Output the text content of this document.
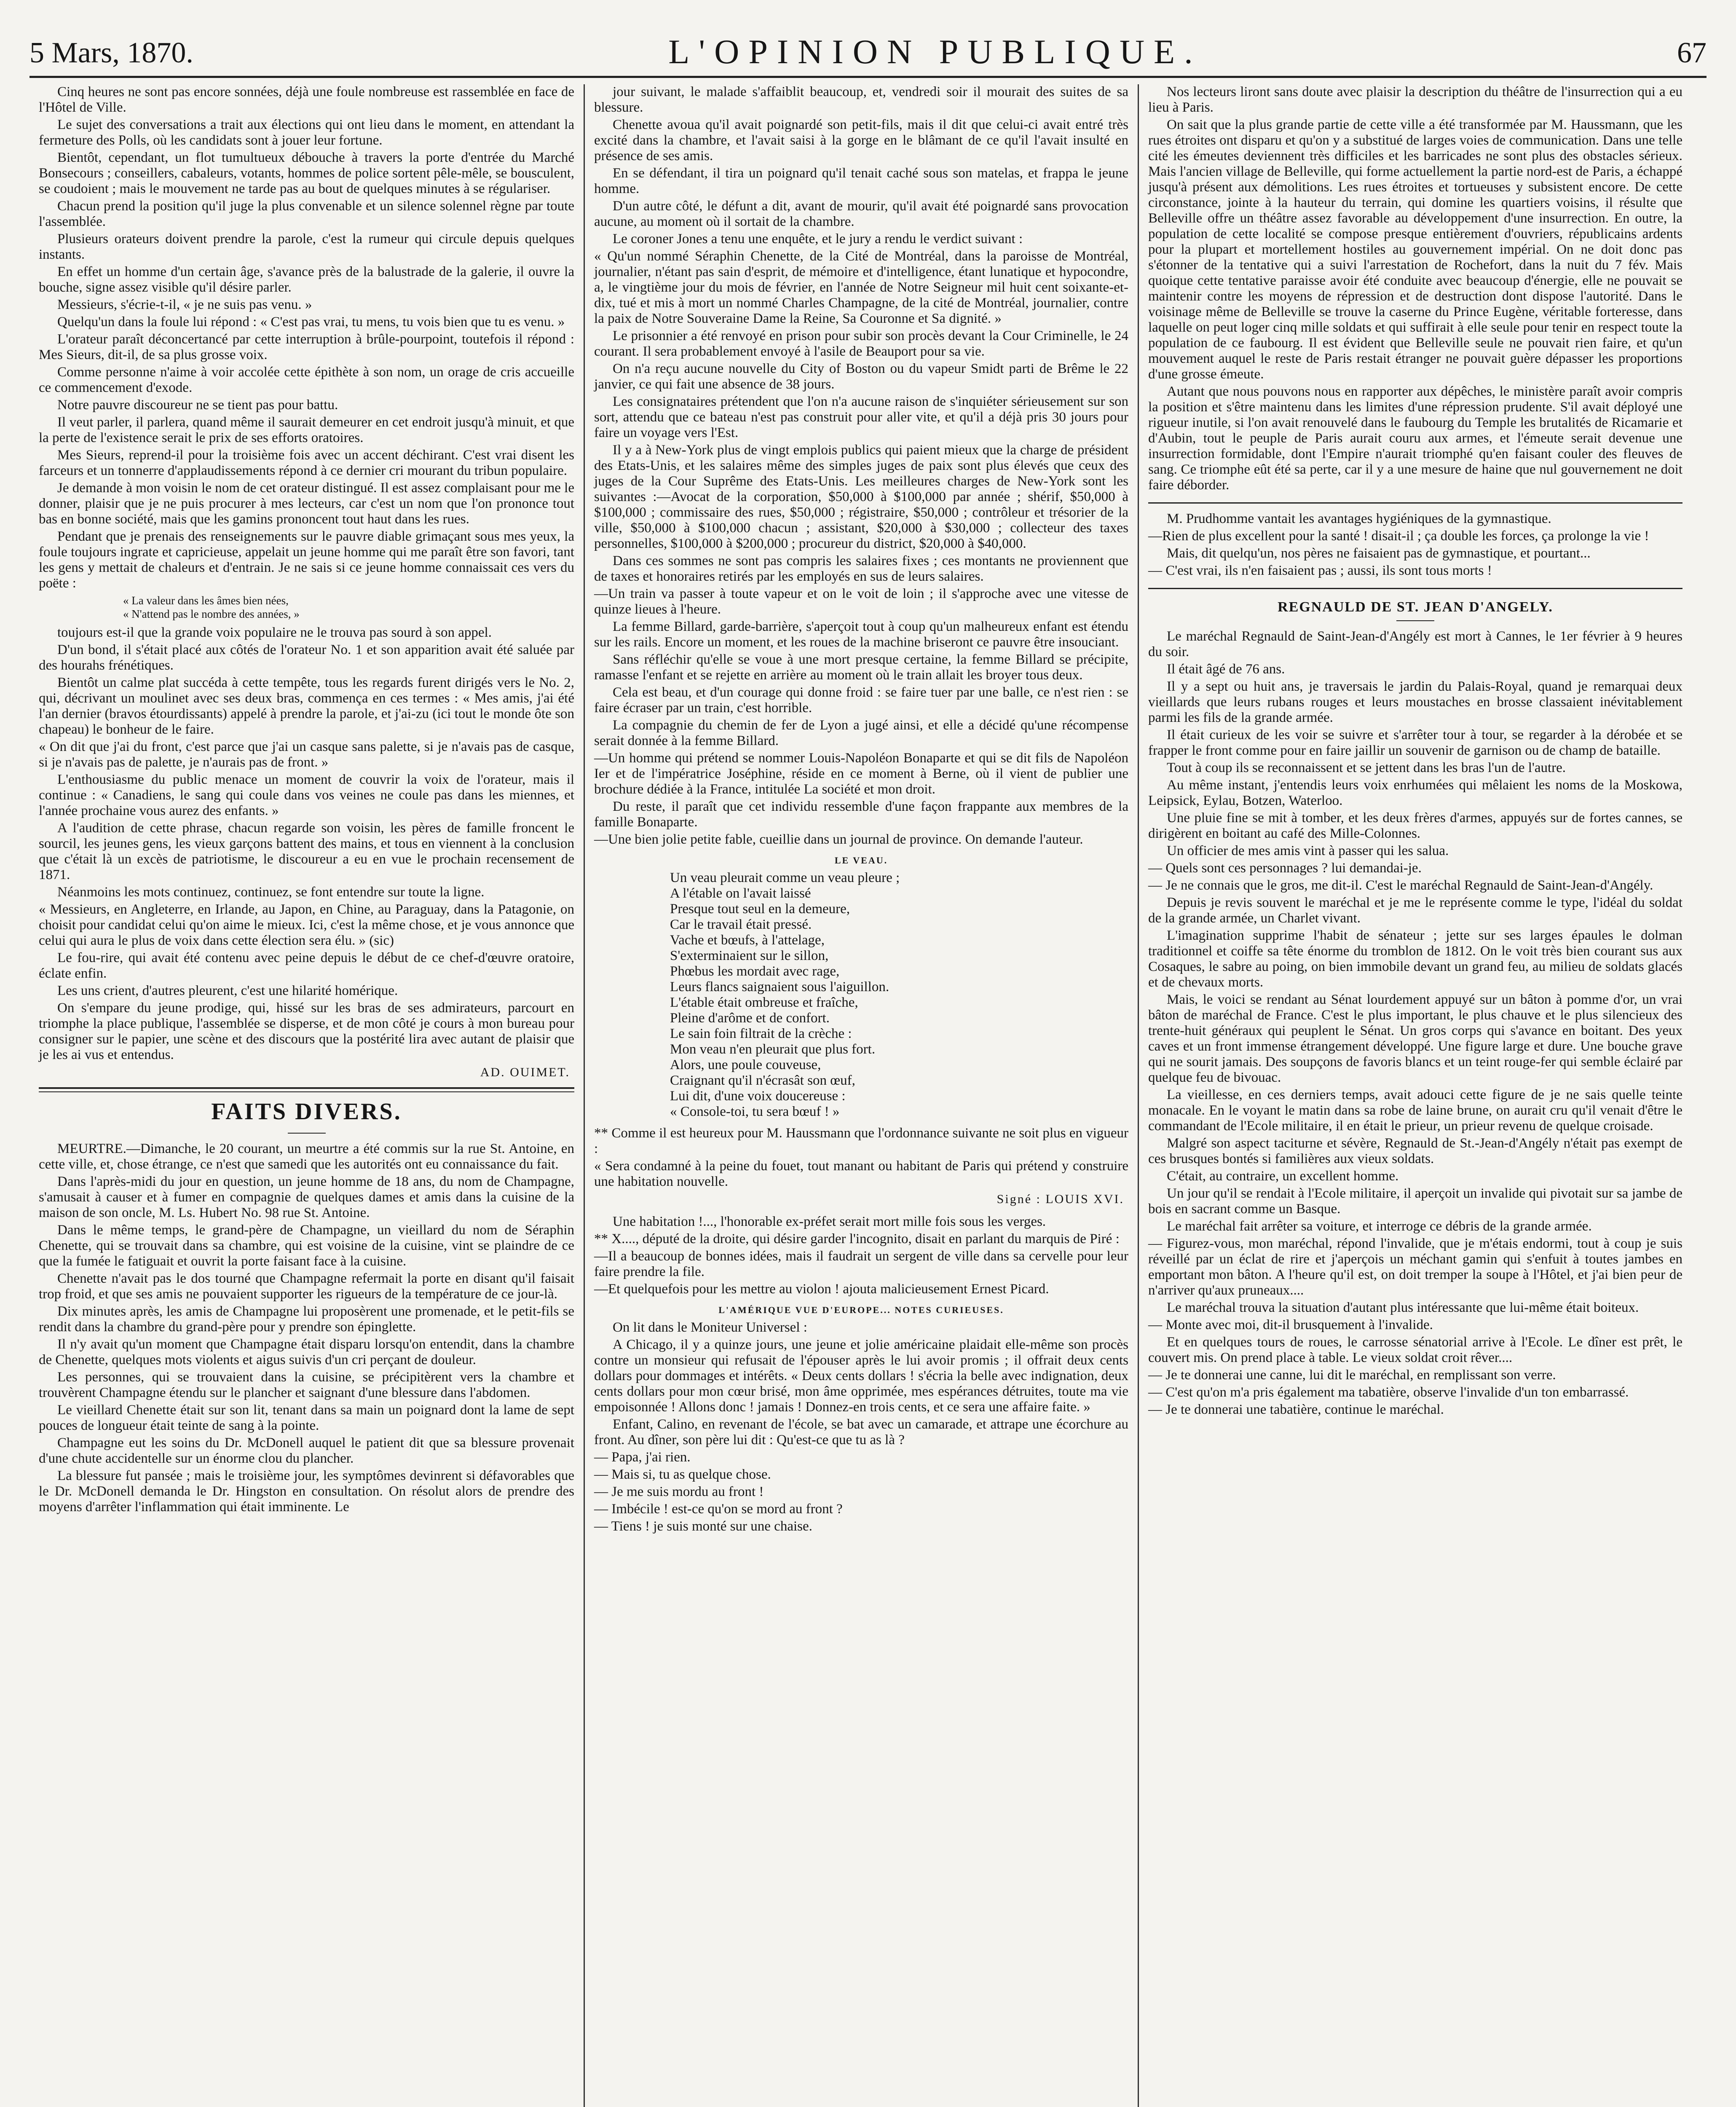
5 Mars, 1870.	L'OPINION PUBLIQUE.	67

Cinq heures ne sont pas encore sonnées, déjà une foule nombreuse est rassemblée en face de l'Hôtel de Ville.

Le sujet des conversations a trait aux élections qui ont lieu dans le moment, en attendant la fermeture des Polls, où les candidats sont à jouer leur fortune.

Bientôt, cependant, un flot tumultueux débouche à travers la porte d'entrée du Marché Bonsecours ; conseillers, cabaleurs, votants, hommes de police sortent pêle-mêle, se bousculent, se coudoient ; mais le mouvement ne tarde pas au bout de quelques minutes à se régulariser.

Chacun prend la position qu'il juge la plus convenable et un silence solennel règne par toute l'assemblée.

Plusieurs orateurs doivent prendre la parole, c'est la rumeur qui circule depuis quelques instants.

En effet un homme d'un certain âge, s'avance près de la balustrade de la galerie, il ouvre la bouche, signe assez visible qu'il désire parler.

Messieurs, s'écrie-t-il, « je ne suis pas venu. »

Quelqu'un dans la foule lui répond : « C'est pas vrai, tu mens, tu vois bien que tu es venu. »

L'orateur paraît déconcertancé par cette interruption à brûle-pourpoint, toutefois il répond : Mes Sieurs, dit-il, de sa plus grosse voix.

Comme personne n'aime à voir accolée cette épithète à son nom, un orage de cris accueille ce commencement d'exode.

Notre pauvre discoureur ne se tient pas pour battu.

Il veut parler, il parlera, quand même il saurait demeurer en cet endroit jusqu'à minuit, et que la perte de l'existence serait le prix de ses efforts oratoires.

Mes Sieurs, reprend-il pour la troisième fois avec un accent déchirant. C'est vrai disent les farceurs et un tonnerre d'applaudissements répond à ce dernier cri mourant du tribun populaire.

Je demande à mon voisin le nom de cet orateur distingué. Il est assez complaisant pour me le donner, plaisir que je ne puis procurer à mes lecteurs, car c'est un nom que l'on prononce tout bas en bonne société, mais que les gamins prononcent tout haut dans les rues.

Pendant que je prenais des renseignements sur le pauvre diable grimaçant sous mes yeux, la foule toujours ingrate et capricieuse, appelait un jeune homme qui me paraît être son favori, tant les gens y mettait de chaleurs et d'entrain. Je ne sais si ce jeune homme connaissait ces vers du poëte :

« La valeur dans les âmes bien nées,
« N'attend pas le nombre des années, »

toujours est-il que la grande voix populaire ne le trouva pas sourd à son appel.

D'un bond, il s'était placé aux côtés de l'orateur No. 1 et son apparition avait été saluée par des hourahs frénétiques.

Bientôt un calme plat succéda à cette tempête, tous les regards furent dirigés vers le No. 2, qui, décrivant un moulinet avec ses deux bras, commença en ces termes : « Mes amis, j'ai été l'an dernier (bravos étourdissants) appelé à prendre la parole, et j'ai-zu (ici tout le monde ôte son chapeau) le bonheur de le faire.

« On dit que j'ai du front, c'est parce que j'ai un casque sans palette, si je n'avais pas de casque, si je n'avais pas de palette, je n'aurais pas de front. »

L'enthousiasme du public menace un moment de couvrir la voix de l'orateur, mais il continue : « Canadiens, le sang qui coule dans vos veines ne coule pas dans les miennes, et l'année prochaine vous aurez des enfants. »

A l'audition de cette phrase, chacun regarde son voisin, les pères de famille froncent le sourcil, les jeunes gens, les vieux garçons battent des mains, et tous en viennent à la conclusion que c'était là un excès de patriotisme, le discoureur a eu en vue le prochain recensement de 1871.

Néanmoins les mots continuez, continuez, se font entendre sur toute la ligne.

« Messieurs, en Angleterre, en Irlande, au Japon, en Chine, au Paraguay, dans la Patagonie, on choisit pour candidat celui qu'on aime le mieux. Ici, c'est la même chose, et je vous annonce que celui qui aura le plus de voix dans cette élection sera élu. » (sic)

Le fou-rire, qui avait été contenu avec peine depuis le début de ce chef-d'œuvre oratoire, éclate enfin.

Les uns crient, d'autres pleurent, c'est une hilarité homérique.

On s'empare du jeune prodige, qui, hissé sur les bras de ses admirateurs, parcourt en triomphe la place publique, l'assemblée se disperse, et de mon côté je cours à mon bureau pour consigner sur le papier, une scène et des discours que la postérité lira avec autant de plaisir que je les ai vus et entendus.

AD. OUIMET.
FAITS DIVERS.

MEURTRE.—Dimanche, le 20 courant, un meurtre a été commis sur la rue St. Antoine, en cette ville, et, chose étrange, ce n'est que samedi que les autorités ont eu connaissance du fait.

Dans l'après-midi du jour en question, un jeune homme de 18 ans, du nom de Champagne, s'amusait à causer et à fumer en compagnie de quelques dames et amis dans la cuisine de la maison de son oncle, M. Ls. Hubert No. 98 rue St. Antoine.

Dans le même temps, le grand-père de Champagne, un vieillard du nom de Séraphin Chenette, qui se trouvait dans sa chambre, qui est voisine de la cuisine, vint se plaindre de ce que la fumée le fatiguait et ouvrit la porte faisant face à la cuisine.

Chenette n'avait pas le dos tourné que Champagne refermait la porte en disant qu'il faisait trop froid, et que ses amis ne pouvaient supporter les rigueurs de la température de ce jour-là.

Dix minutes après, les amis de Champagne lui proposèrent une promenade, et le petit-fils se rendit dans la chambre du grand-père pour y prendre son épinglette.

Il n'y avait qu'un moment que Champagne était disparu lorsqu'on entendit, dans la chambre de Chenette, quelques mots violents et aigus suivis d'un cri perçant de douleur.

Les personnes, qui se trouvaient dans la cuisine, se précipitèrent vers la chambre et trouvèrent Champagne étendu sur le plancher et saignant d'une blessure dans l'abdomen.

Le vieillard Chenette était sur son lit, tenant dans sa main un poignard dont la lame de sept pouces de longueur était teinte de sang à la pointe.

Champagne eut les soins du Dr. McDonell auquel le patient dit que sa blessure provenait d'une chute accidentelle sur un énorme clou du plancher.

La blessure fut pansée ; mais le troisième jour, les symptômes devinrent si défavorables que le Dr. McDonell demanda le Dr. Hingston en consultation. On résolut alors de prendre des moyens d'arrêter l'inflammation qui était imminente. Le

jour suivant, le malade s'affaiblit beaucoup, et, vendredi soir il mourait des suites de sa blessure.

Chenette avoua qu'il avait poignardé son petit-fils, mais il dit que celui-ci avait entré très excité dans la chambre, et l'avait saisi à la gorge en le blâmant de ce qu'il l'avait insulté en présence de ses amis.

En se défendant, il tira un poignard qu'il tenait caché sous son matelas, et frappa le jeune homme.

D'un autre côté, le défunt a dit, avant de mourir, qu'il avait été poignardé sans provocation aucune, au moment où il sortait de la chambre.

Le coroner Jones a tenu une enquête, et le jury a rendu le verdict suivant :

« Qu'un nommé Séraphin Chenette, de la Cité de Montréal, dans la paroisse de Montréal, journalier, n'étant pas sain d'esprit, de mémoire et d'intelligence, étant lunatique et hypocondre, a, le vingtième jour du mois de février, en l'année de Notre Seigneur mil huit cent soixante-et-dix, tué et mis à mort un nommé Charles Champagne, de la cité de Montréal, journalier, contre la paix de Notre Souveraine Dame la Reine, Sa Couronne et Sa dignité. »

Le prisonnier a été renvoyé en prison pour subir son procès devant la Cour Criminelle, le 24 courant. Il sera probablement envoyé à l'asile de Beauport pour sa vie.

On n'a reçu aucune nouvelle du City of Boston ou du vapeur Smidt parti de Brême le 22 janvier, ce qui fait une absence de 38 jours.

Les consignataires prétendent que l'on n'a aucune raison de s'inquiéter sérieusement sur son sort, attendu que ce bateau n'est pas construit pour aller vite, et qu'il a déjà pris 30 jours pour faire un voyage vers l'Est.

Il y a à New-York plus de vingt emplois publics qui paient mieux que la charge de président des Etats-Unis, et les salaires même des simples juges de paix sont plus élevés que ceux des juges de la Cour Suprême des Etats-Unis. Les meilleures charges de New-York sont les suivantes :—Avocat de la corporation, $50,000 à $100,000 par année ; shérif, $50,000 à $100,000 ; commissaire des rues, $50,000 ; régistraire, $50,000 ; contrôleur et trésorier de la ville, $50,000 à $100,000 chacun ; assistant, $20,000 à $30,000 ; collecteur des taxes personnelles, $100,000 à $200,000 ; procureur du district, $20,000 à $40,000.

Dans ces sommes ne sont pas compris les salaires fixes ; ces montants ne proviennent que de taxes et honoraires retirés par les employés en sus de leurs salaires.

—Un train va passer à toute vapeur et on le voit de loin ; il s'approche avec une vitesse de quinze lieues à l'heure.

La femme Billard, garde-barrière, s'aperçoit tout à coup qu'un malheureux enfant est étendu sur les rails. Encore un moment, et les roues de la machine briseront ce pauvre être insouciant.

Sans réfléchir qu'elle se voue à une mort presque certaine, la femme Billard se précipite, ramasse l'enfant et se rejette en arrière au moment où le train allait les broyer tous deux.

Cela est beau, et d'un courage qui donne froid : se faire tuer par une balle, ce n'est rien : se faire écraser par un train, c'est horrible.

La compagnie du chemin de fer de Lyon a jugé ainsi, et elle a décidé qu'une récompense serait donnée à la femme Billard.

—Un homme qui prétend se nommer Louis-Napoléon Bonaparte et qui se dit fils de Napoléon Ier et de l'impératrice Joséphine, réside en ce moment à Berne, où il vient de publier une brochure dédiée à la France, intitulée La société et mon droit.

Du reste, il paraît que cet individu ressemble d'une façon frappante aux membres de la famille Bonaparte.

—Une bien jolie petite fable, cueillie dans un journal de province. On demande l'auteur.

LE VEAU.
Un veau pleurait comme un veau pleure ;
A l'étable on l'avait laissé
Presque tout seul en la demeure,
Car le travail était pressé.
Vache et bœufs, à l'attelage,
S'exterminaient sur le sillon,
Phœbus les mordait avec rage,
Leurs flancs saignaient sous l'aiguillon.
L'étable était ombreuse et fraîche,
Pleine d'arôme et de confort.
Le sain foin filtrait de la crèche :
Mon veau n'en pleurait que plus fort.
Alors, une poule couveuse,
Craignant qu'il n'écrasât son œuf,
Lui dit, d'une voix doucereuse :
« Console-toi, tu sera bœuf ! »

** Comme il est heureux pour M. Haussmann que l'ordonnance suivante ne soit plus en vigueur :

« Sera condamné à la peine du fouet, tout manant ou habitant de Paris qui prétend y construire une habitation nouvelle.

Signé : LOUIS XVI.

Une habitation !..., l'honorable ex-préfet serait mort mille fois sous les verges.

** X...., député de la droite, qui désire garder l'incognito, disait en parlant du marquis de Piré :

—Il a beaucoup de bonnes idées, mais il faudrait un sergent de ville dans sa cervelle pour leur faire prendre la file.

—Et quelquefois pour les mettre au violon ! ajouta malicieusement Ernest Picard.

L'AMÉRIQUE VUE D'EUROPE... NOTES CURIEUSES.

On lit dans le Moniteur Universel :

A Chicago, il y a quinze jours, une jeune et jolie américaine plaidait elle-même son procès contre un monsieur qui refusait de l'épouser après le lui avoir promis ; il offrait deux cents dollars pour dommages et intérêts. « Deux cents dollars ! s'écria la belle avec indignation, deux cents dollars pour mon cœur brisé, mon âme opprimée, mes espérances détruites, toute ma vie empoisonnée ! Allons donc ! jamais ! Donnez-en trois cents, et ce sera une affaire faite. »

Enfant, Calino, en revenant de l'école, se bat avec un camarade, et attrape une écorchure au front. Au dîner, son père lui dit : Qu'est-ce que tu as là ?

— Papa, j'ai rien.

— Mais si, tu as quelque chose.

— Je me suis mordu au front !

— Imbécile ! est-ce qu'on se mord au front ?

— Tiens ! je suis monté sur une chaise.

Nos lecteurs liront sans doute avec plaisir la description du théâtre de l'insurrection qui a eu lieu à Paris.

On sait que la plus grande partie de cette ville a été transformée par M. Haussmann, que les rues étroites ont disparu et qu'on y a substitué de larges voies de communication. Dans une telle cité les émeutes deviennent très difficiles et les barricades ne sont plus des obstacles sérieux. Mais l'ancien village de Belleville, qui forme actuellement la partie nord-est de Paris, a échappé jusqu'à présent aux démolitions. Les rues étroites et tortueuses y subsistent encore. De cette circonstance, jointe à la hauteur du terrain, qui domine les quartiers voisins, il résulte que Belleville offre un théâtre assez favorable au développement d'une insurrection. En outre, la population de cette localité se compose presque entièrement d'ouvriers, républicains ardents pour la plupart et mortellement hostiles au gouvernement impérial. On ne doit donc pas s'étonner de la tentative qui a suivi l'arrestation de Rochefort, dans la nuit du 7 fév. Mais quoique cette tentative paraisse avoir été conduite avec beaucoup d'énergie, elle ne pouvait se maintenir contre les moyens de répression et de destruction dont dispose l'autorité. Dans le voisinage même de Belleville se trouve la caserne du Prince Eugène, véritable forteresse, dans laquelle on peut loger cinq mille soldats et qui suffirait à elle seule pour tenir en respect toute la population de ce faubourg. Il est évident que Belleville seule ne pouvait rien faire, et qu'un mouvement auquel le reste de Paris restait étranger ne pouvait guère dépasser les proportions d'une grosse émeute.

Autant que nous pouvons nous en rapporter aux dépêches, le ministère paraît avoir compris la position et s'être maintenu dans les limites d'une répression prudente. S'il avait déployé une rigueur inutile, si l'on avait renouvelé dans le faubourg du Temple les brutalités de Ricamarie et d'Aubin, tout le peuple de Paris aurait couru aux armes, et l'émeute serait devenue une insurrection formidable, dont l'Empire n'aurait triomphé qu'en faisant couler des fleuves de sang. Ce triomphe eût été sa perte, car il y a une mesure de haine que nul gouvernement ne doit faire déborder.

M. Prudhomme vantait les avantages hygiéniques de la gymnastique.

—Rien de plus excellent pour la santé ! disait-il ; ça double les forces, ça prolonge la vie !

Mais, dit quelqu'un, nos pères ne faisaient pas de gymnastique, et pourtant...

— C'est vrai, ils n'en faisaient pas ; aussi, ils sont tous morts !

REGNAULD DE ST. JEAN D'ANGELY.

Le maréchal Regnauld de Saint-Jean-d'Angély est mort à Cannes, le 1er février à 9 heures du soir.

Il était âgé de 76 ans.

Il y a sept ou huit ans, je traversais le jardin du Palais-Royal, quand je remarquai deux vieillards que leurs rubans rouges et leurs moustaches en brosse classaient inévitablement parmi les fils de la grande armée.

Il était curieux de les voir se suivre et s'arrêter tour à tour, se regarder à la dérobée et se frapper le front comme pour en faire jaillir un souvenir de garnison ou de champ de bataille.

Tout à coup ils se reconnaissent et se jettent dans les bras l'un de l'autre.

Au même instant, j'entendis leurs voix enrhumées qui mêlaient les noms de la Moskowa, Leipsick, Eylau, Botzen, Waterloo.

Une pluie fine se mit à tomber, et les deux frères d'armes, appuyés sur de fortes cannes, se dirigèrent en boitant au café des Mille-Colonnes.

Un officier de mes amis vint à passer qui les salua.

— Quels sont ces personnages ? lui demandai-je.

— Je ne connais que le gros, me dit-il. C'est le maréchal Regnauld de Saint-Jean-d'Angély.

Depuis je revis souvent le maréchal et je me le représente comme le type, l'idéal du soldat de la grande armée, un Charlet vivant.

L'imagination supprime l'habit de sénateur ; jette sur ses larges épaules le dolman traditionnel et coiffe sa tête énorme du tromblon de 1812. On le voit très bien courant sus aux Cosaques, le sabre au poing, on bien immobile devant un grand feu, au milieu de soldats glacés et de chevaux morts.

Mais, le voici se rendant au Sénat lourdement appuyé sur un bâton à pomme d'or, un vrai bâton de maréchal de France. C'est le plus important, le plus chauve et le plus silencieux des trente-huit généraux qui peuplent le Sénat. Un gros corps qui s'avance en boitant. Des yeux caves et un front immense étrangement développé. Une figure large et dure. Une bouche grave qui ne sourit jamais. Des soupçons de favoris blancs et un teint rouge-fer qui semble éclairé par quelque feu de bivouac.

La vieillesse, en ces derniers temps, avait adouci cette figure de je ne sais quelle teinte monacale. En le voyant le matin dans sa robe de laine brune, on aurait cru qu'il venait d'être le commandant de l'Ecole militaire, il en était le prieur, un prieur revenu de quelque croisade.

Malgré son aspect taciturne et sévère, Regnauld de St.-Jean-d'Angély n'était pas exempt de ces brusques bontés si familières aux vieux soldats.

C'était, au contraire, un excellent homme.

Un jour qu'il se rendait à l'Ecole militaire, il aperçoit un invalide qui pivotait sur sa jambe de bois en sacrant comme un Basque.

Le maréchal fait arrêter sa voiture, et interroge ce débris de la grande armée.

— Figurez-vous, mon maréchal, répond l'invalide, que je m'étais endormi, tout à coup je suis réveillé par un éclat de rire et j'aperçois un méchant gamin qui s'enfuit à toutes jambes en emportant mon bâton. A l'heure qu'il est, on doit tremper la soupe à l'Hôtel, et j'ai bien peur de n'arriver qu'aux pruneaux....

Le maréchal trouva la situation d'autant plus intéressante que lui-même était boiteux.

— Monte avec moi, dit-il brusquement à l'invalide.

Et en quelques tours de roues, le carrosse sénatorial arrive à l'Ecole. Le dîner est prêt, le couvert mis. On prend place à table. Le vieux soldat croit rêver....

— Je te donnerai une canne, lui dit le maréchal, en remplissant son verre.

— C'est qu'on m'a pris également ma tabatière, observe l'invalide d'un ton embarrassé.

— Je te donnerai une tabatière, continue le maréchal.
